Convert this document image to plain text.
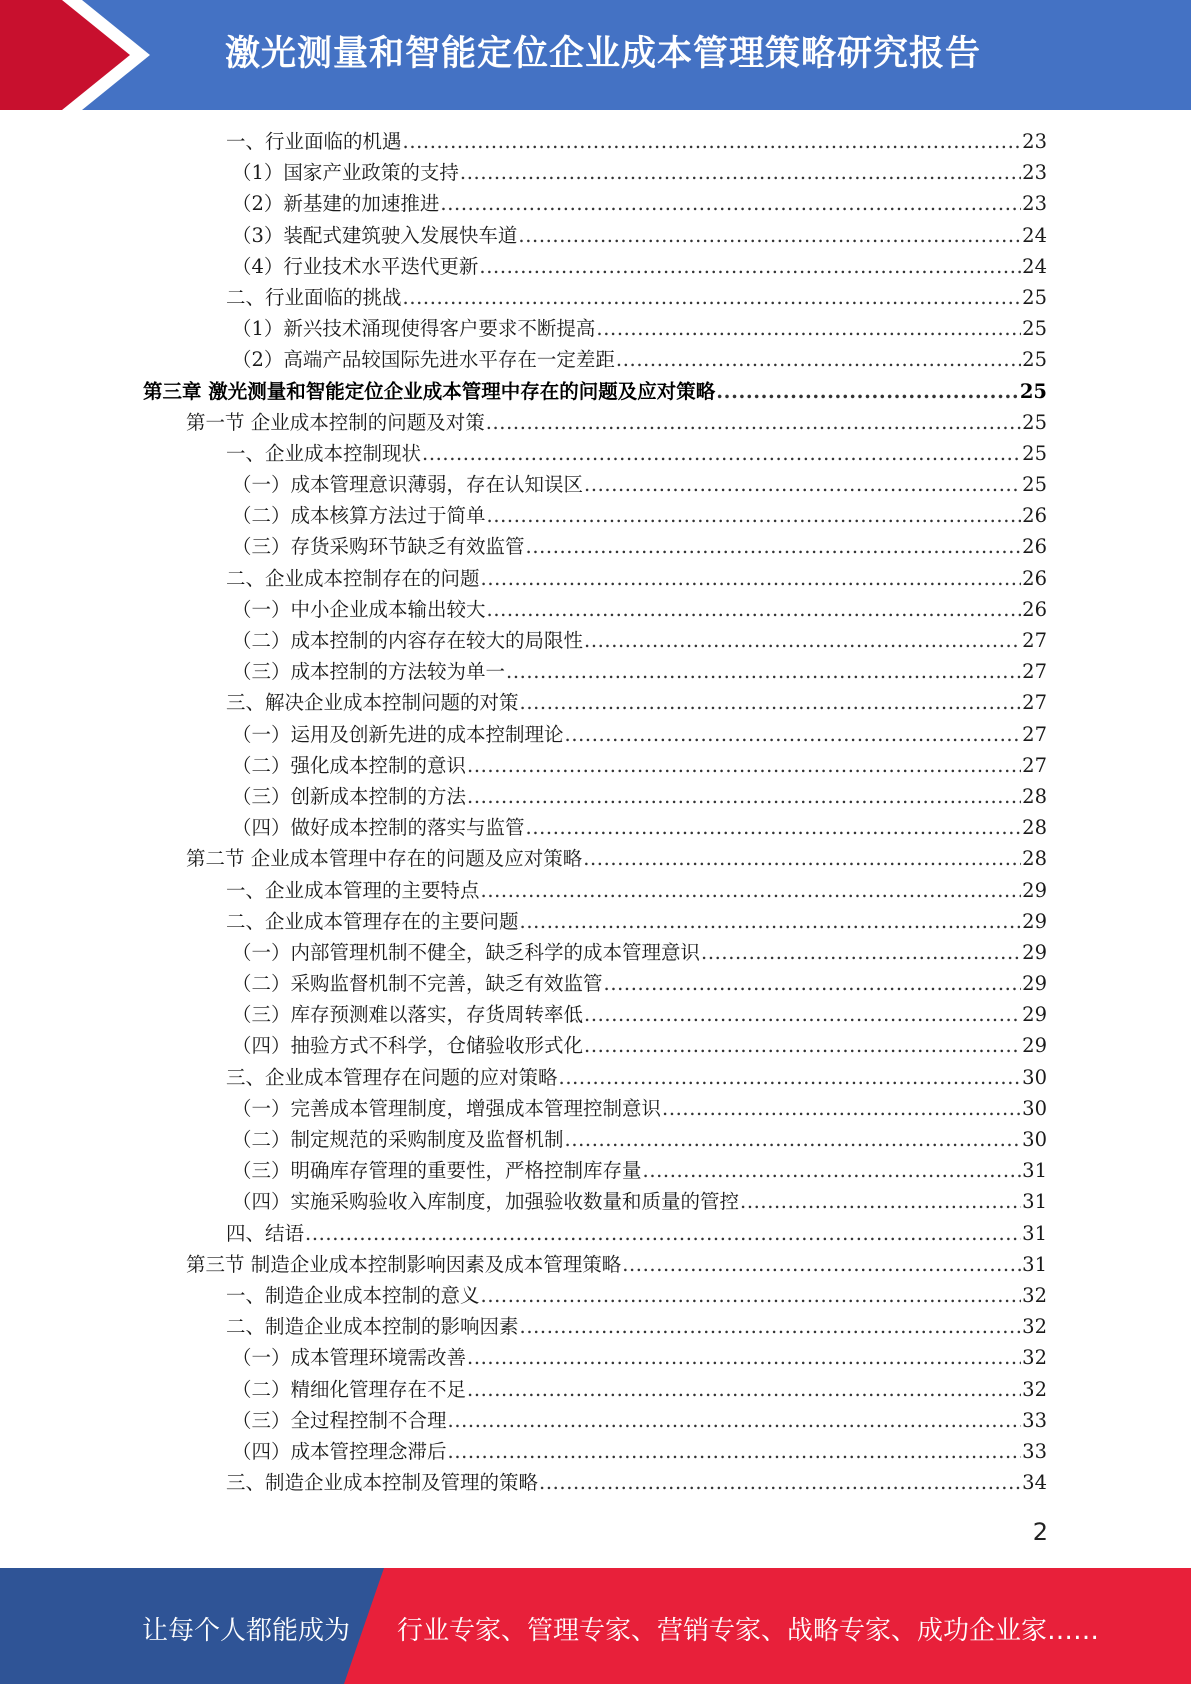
激光测量和智能定位企业成本管理策略研究报告
一、行业面临的机遇 .....	23
（1）国家产业政策的支持 .....	23
（2）新基建的加速推进 .....	23
（3）装配式建筑驶入发展快车道 .....	24
（4）行业技术水平迭代更新 .....	24
二、行业面临的挑战 .....	25
（1）新兴技术涌现使得客户要求不断提高 .....	25
（2）高端产品较国际先进水平存在一定差距 .....	25
第三章 激光测量和智能定位企业成本管理中存在的问题及应对策略 .....	25
第一节 企业成本控制的问题及对策 .....	25
一、企业成本控制现状 .....	25
（一）成本管理意识薄弱，存在认知误区 .....	25
（二）成本核算方法过于简单 .....	26
（三）存货采购环节缺乏有效监管 .....	26
二、企业成本控制存在的问题 .....	26
（一）中小企业成本输出较大 .....	26
（二）成本控制的内容存在较大的局限性 .....	27
（三）成本控制的方法较为单一 .....	27
三、解决企业成本控制问题的对策 .....	27
（一）运用及创新先进的成本控制理论 .....	27
（二）强化成本控制的意识 .....	27
（三）创新成本控制的方法 .....	28
（四）做好成本控制的落实与监管 .....	28
第二节 企业成本管理中存在的问题及应对策略 .....	28
一、企业成本管理的主要特点 .....	29
二、企业成本管理存在的主要问题 .....	29
（一）内部管理机制不健全，缺乏科学的成本管理意识 .....	29
（二）采购监督机制不完善，缺乏有效监管 .....	29
（三）库存预测难以落实，存货周转率低 .....	29
（四）抽验方式不科学，仓储验收形式化 .....	29
三、企业成本管理存在问题的应对策略 .....	30
（一）完善成本管理制度，增强成本管理控制意识 .....	30
（二）制定规范的采购制度及监督机制 .....	30
（三）明确库存管理的重要性，严格控制库存量 .....	31
（四）实施采购验收入库制度，加强验收数量和质量的管控 .....	31
四、结语 .....	31
第三节 制造企业成本控制影响因素及成本管理策略 .....	31
一、制造企业成本控制的意义 .....	32
二、制造企业成本控制的影响因素 .....	32
（一）成本管理环境需改善 .....	32
（二）精细化管理存在不足 .....	32
（三）全过程控制不合理 .....	33
（四）成本管控理念滞后 .....	33
三、制造企业成本控制及管理的策略 .....	34
2
让每个人都能成为 行业专家、管理专家、营销专家、战略专家、成功企业家……
